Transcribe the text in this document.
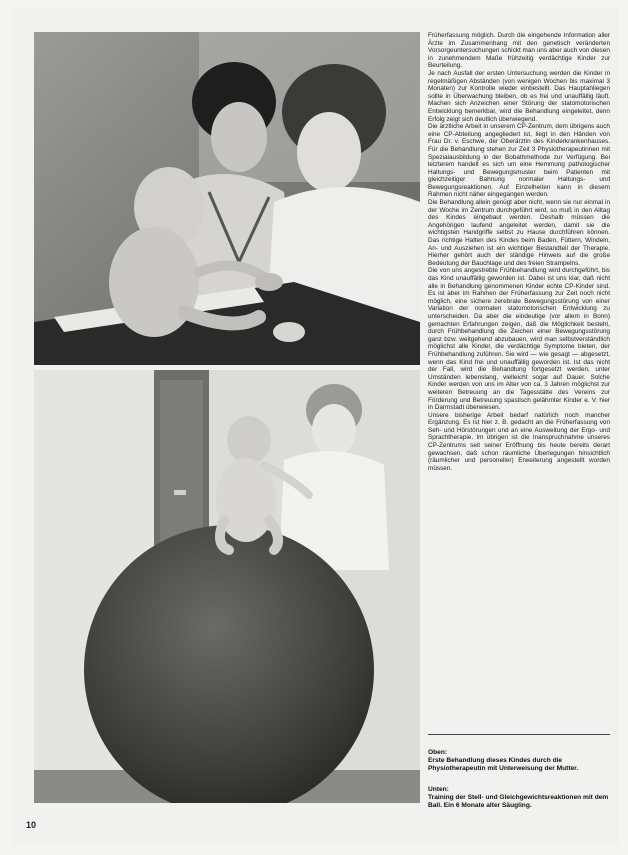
Früherfassung möglich. Durch die eingehende Information aller Ärzte im Zusammenhang mit den genetisch veränderten Vorsorgeuntersuchungen schickt man uns aber auch von diesen in zunehmendem Maße frühzeitig verdächtige Kinder zur Beurteilung.

Je nach Ausfall der ersten Untersuchung werden die Kinder in regelmäßigen Abständen (von wenigen Wochen bis maximal 3 Monaten) zur Kontrolle wieder einbestellt. Das Hauptanliegen sollte in Überwachung bleiben, ob es frei und unauffällig läuft. Machen sich Anzeichen einer Störung der statomotorischen Entwicklung bemerkbar, wird die Behandlung eingeleitet, denn Erfolg zeigt sich deutlich überwiegend.

Die ärztliche Arbeit in unserem CP-Zentrum, dem übrigens auch eine CP-Abteilung angegliedert ist, liegt in den Händen von Frau Dr. v. Eschwe, der Oberärztin des Kinderkrankenhauses. Für die Behandlung stehen zur Zeit 3 Physiotherapeutinnen mit Spezialausbildung in der Bobathmethode zur Verfügung. Bei letzterem handelt es sich um eine Hemmung pathologischer Haltungs- und Bewegungsmuster beim Patienten mit gleichzeitiger Bahnung normaler Haltungs- und Bewegungsreaktionen. Auf Einzelheiten kann in diesem Rahmen nicht näher eingegangen werden.

Die Behandlung allein genügt aber nicht, wenn sie nur einmal in der Woche im Zentrum durchgeführt wird, so muß in den Alltag des Kindes eingebaut werden. Deshalb müssen die Angehörigen laufend angeleitet werden, damit sie die wichtigsten Handgriffe selbst zu Hause durchführen können. Das richtige Halten des Kindes beim Baden, Füttern, Windeln, An- und Ausziehen ist ein wichtiger Bestandteil der Therapie. Hierher gehört auch der ständige Hinweis auf die große Bedeutung der Bauchlage und des freien Strampelns.

Die von uns angestrebte Frühbehandlung wird durchgeführt, bis das Kind unauffällig geworden ist. Dabei ist uns klar, daß nicht alle in Behandlung genommenen Kinder echte CP-Kinder sind. Es ist aber im Rahmen der Früherfassung zur Zeit noch nicht möglich, eine sichere zerebrale Bewegungsstörung von einer Variation der normalen statomotorischen Entwicklung zu unterscheiden. Da aber die eindeutige (vor allem in Bonn) gemachten Erfahrungen zeigen, daß die Möglichkeit besteht, durch Frühbehandlung die Zeichen einer Bewegungsstörung ganz bzw. weitgehend abzubauen, wird man selbstverständlich möglichst alle Kinder, die verdächtige Symptome bieten, der Frühbehandlung zuführen. Sie wird — wie gesagt — abgesetzt, wenn das Kind frei und unauffällig geworden ist. Ist das nicht der Fall, wird die Behandlung fortgesetzt werden, unter Umständen lebenslang, vielleicht sogar auf Dauer. Solche Kinder werden von uns im Alter von ca. 3 Jahren möglichst zur weiteren Betreuung an die Tagesstätte des Vereins zur Förderung und Betreuung spastisch gelähmter Kinder e. V. hier in Darmstadt überwiesen.

Unsere bisherige Arbeit bedarf natürlich noch mancher Ergänzung. Es ist hier z. B. gedacht an die Früherfassung von Seh- und Hörstörungen und an eine Ausweitung der Ergo- und Sprachtherapie. Im übrigen ist die Inanspruchnahme unseres CP-Zentrums seit seiner Eröffnung bis heute bereits derart gewachsen, daß schon räumliche Überlegungen hinsichtlich (räumlicher und personeller) Erweiterung angestellt worden müssen.

Oben:
Erste Behandlung dieses Kindes durch die Physiotherapeutin mit Unterweisung der Mutter.
Unten:
Training der Stell- und Gleichgewichtsreaktionen mit dem Ball. Ein 6 Monate alter Säugling.
10
